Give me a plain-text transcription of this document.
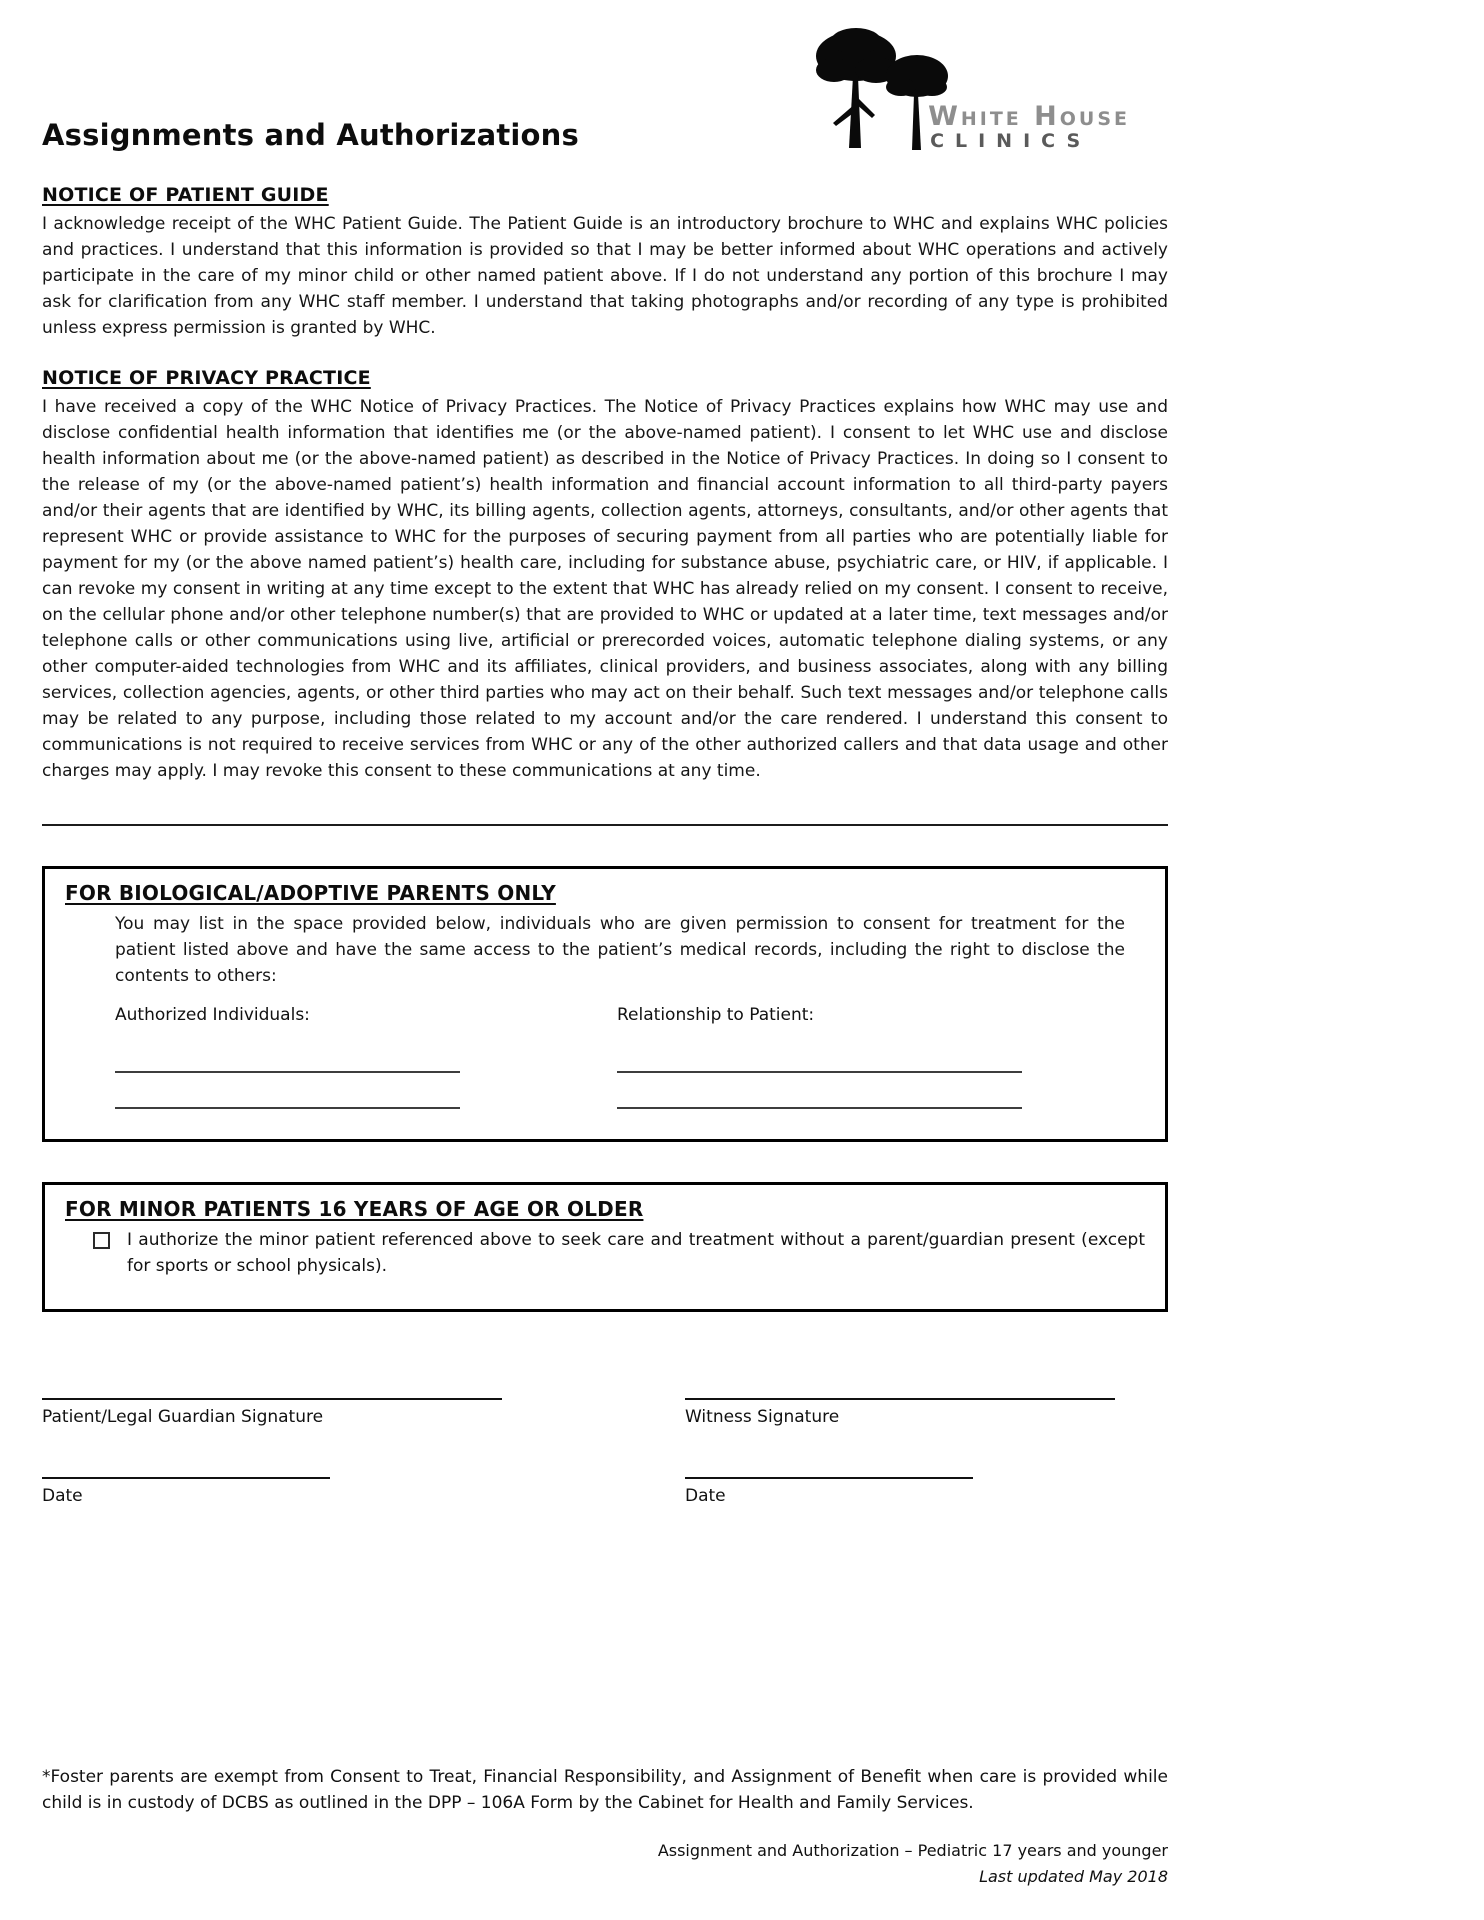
Assignments and Authorizations
White House
CLINICS
NOTICE OF PATIENT GUIDE

I acknowledge receipt of the WHC Patient Guide. The Patient Guide is an introductory brochure to WHC and explains WHC policies and practices. I understand that this information is provided so that I may be better informed about WHC operations and actively participate in the care of my minor child or other named patient above. If I do not understand any portion of this brochure I may ask for clarification from any WHC staff member. I understand that taking photographs and/or recording of any type is prohibited unless express permission is granted by WHC.

NOTICE OF PRIVACY PRACTICE

I have received a copy of the WHC Notice of Privacy Practices. The Notice of Privacy Practices explains how WHC may use and disclose confidential health information that identifies me (or the above-named patient). I consent to let WHC use and disclose health information about me (or the above-named patient) as described in the Notice of Privacy Practices. In doing so I consent to the release of my (or the above-named patient’s) health information and financial account information to all third-party payers and/or their agents that are identified by WHC, its billing agents, collection agents, attorneys, consultants, and/or other agents that represent WHC or provide assistance to WHC for the purposes of securing payment from all parties who are potentially liable for payment for my (or the above named patient’s) health care, including for substance abuse, psychiatric care, or HIV, if applicable. I can revoke my consent in writing at any time except to the extent that WHC has already relied on my consent. I consent to receive, on the cellular phone and/or other telephone number(s) that are provided to WHC or updated at a later time, text messages and/or telephone calls or other communications using live, artificial or prerecorded voices, automatic telephone dialing systems, or any other computer-aided technologies from WHC and its affiliates, clinical providers, and business associates, along with any billing services, collection agencies, agents, or other third parties who may act on their behalf. Such text messages and/or telephone calls may be related to any purpose, including those related to my account and/or the care rendered. I understand this consent to communications is not required to receive services from WHC or any of the other authorized callers and that data usage and other charges may apply. I may revoke this consent to these communications at any time.

FOR BIOLOGICAL/ADOPTIVE PARENTS ONLY

You may list in the space provided below, individuals who are given permission to consent for treatment for the patient listed above and have the same access to the patient’s medical records, including the right to disclose the contents to others:

Authorized Individuals:	Relationship to Patient:
FOR MINOR PATIENTS 16 YEARS OF AGE OR OLDER

I authorize the minor patient referenced above to seek care and treatment without a parent/guardian present (except for sports or school physicals).

Patient/Legal Guardian Signature	Witness Signature
Date	Date

*Foster parents are exempt from Consent to Treat, Financial Responsibility, and Assignment of Benefit when care is provided while child is in custody of DCBS as outlined in the DPP – 106A Form by the Cabinet for Health and Family Services.

Assignment and Authorization – Pediatric 17 years and younger
Last updated May 2018
